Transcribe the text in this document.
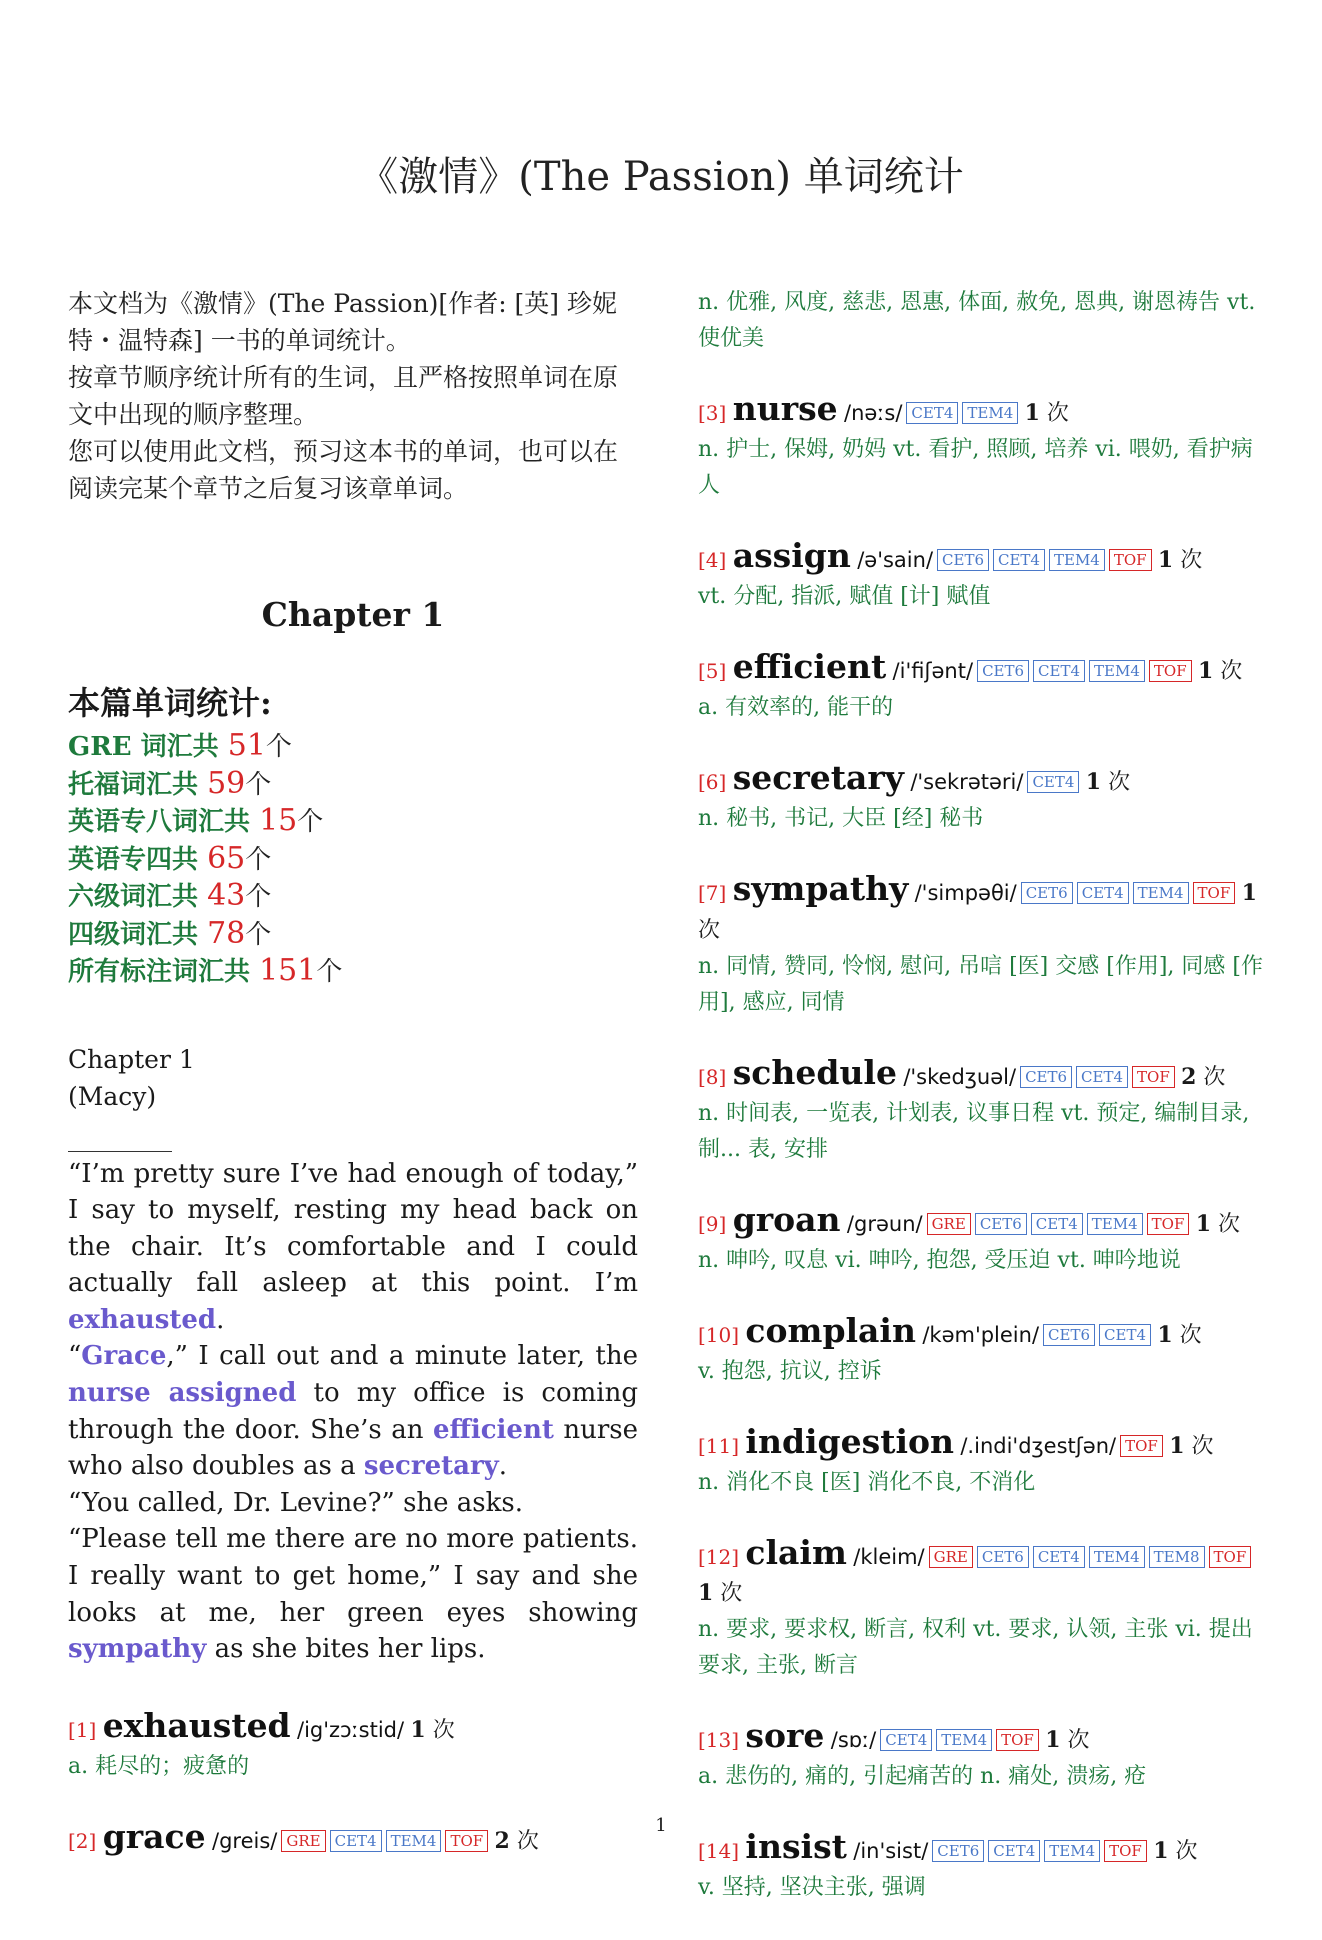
《激情》(The Passion) 单词统计
本文档为《激情》(The Passion)[作者: [英] 珍妮特・温特森] 一书的单词统计。
按章节顺序统计所有的生词，且严格按照单词在原文中出现的顺序整理。
您可以使用此文档，预习这本书的单词，也可以在阅读完某个章节之后复习该章单词。
Chapter 1
本篇单词统计:
GRE 词汇共 51个
托福词汇共 59个
英语专八词汇共 15个
英语专四共 65个
六级词汇共 43个
四级词汇共 78个
所有标注词汇共 151个
Chapter 1
(Macy)
“I’m pretty sure I’ve had enough of today,” I say to myself, resting my head back on the chair. It’s comfortable and I could actually fall asleep at this point. I’m exhausted.
“Grace,” I call out and a minute later, the nurse assigned to my office is coming through the door. She’s an efficient nurse who also doubles as a secretary.
“You called, Dr. Levine?” she asks.
“Please tell me there are no more patients. I really want to get home,” I say and she looks at me, her green eyes showing sympathy as she bites her lips.
[1] exhausted /ig'zɔːstid/ 1 次
a. 耗尽的；疲惫的
[2] grace /greis/ GRE CET4 TEM4 TOF 2 次
n. 优雅, 风度, 慈悲, 恩惠, 体面, 赦免, 恩典, 谢恩祷告 vt. 使优美
[3] nurse /nəːs/ CET4 TEM4 1 次
n. 护士, 保姆, 奶妈 vt. 看护, 照顾, 培养 vi. 喂奶, 看护病人
[4] assign /ə'sain/ CET6 CET4 TEM4 TOF 1 次
vt. 分配, 指派, 赋值 [计] 赋值
[5] efficient /i'fiʃənt/ CET6 CET4 TEM4 TOF 1 次
a. 有效率的, 能干的
[6] secretary /'sekrətəri/ CET4 1 次
n. 秘书, 书记, 大臣 [经] 秘书
[7] sympathy /'simpəθi/ CET6 CET4 TEM4 TOF 1 次
n. 同情, 赞同, 怜悯, 慰问, 吊唁 [医] 交感 [作用], 同感 [作用], 感应, 同情
[8] schedule /'skedʒuəl/ CET6 CET4 TOF 2 次
n. 时间表, 一览表, 计划表, 议事日程 vt. 预定, 编制目录, 制... 表, 安排
[9] groan /grəun/ GRE CET6 CET4 TEM4 TOF 1 次
n. 呻吟, 叹息 vi. 呻吟, 抱怨, 受压迫 vt. 呻吟地说
[10] complain /kəm'plein/ CET6 CET4 1 次
v. 抱怨, 抗议, 控诉
[11] indigestion /.indi'dʒestʃən/ TOF 1 次
n. 消化不良 [医] 消化不良, 不消化
[12] claim /kleim/ GRE CET6 CET4 TEM4 TEM8 TOF 1 次
n. 要求, 要求权, 断言, 权利 vt. 要求, 认领, 主张 vi. 提出要求, 主张, 断言
[13] sore /sɒː/ CET4 TEM4 TOF 1 次
a. 悲伤的, 痛的, 引起痛苦的 n. 痛处, 溃疡, 疮
[14] insist /in'sist/ CET6 CET4 TEM4 TOF 1 次
v. 坚持, 坚决主张, 强调
1
